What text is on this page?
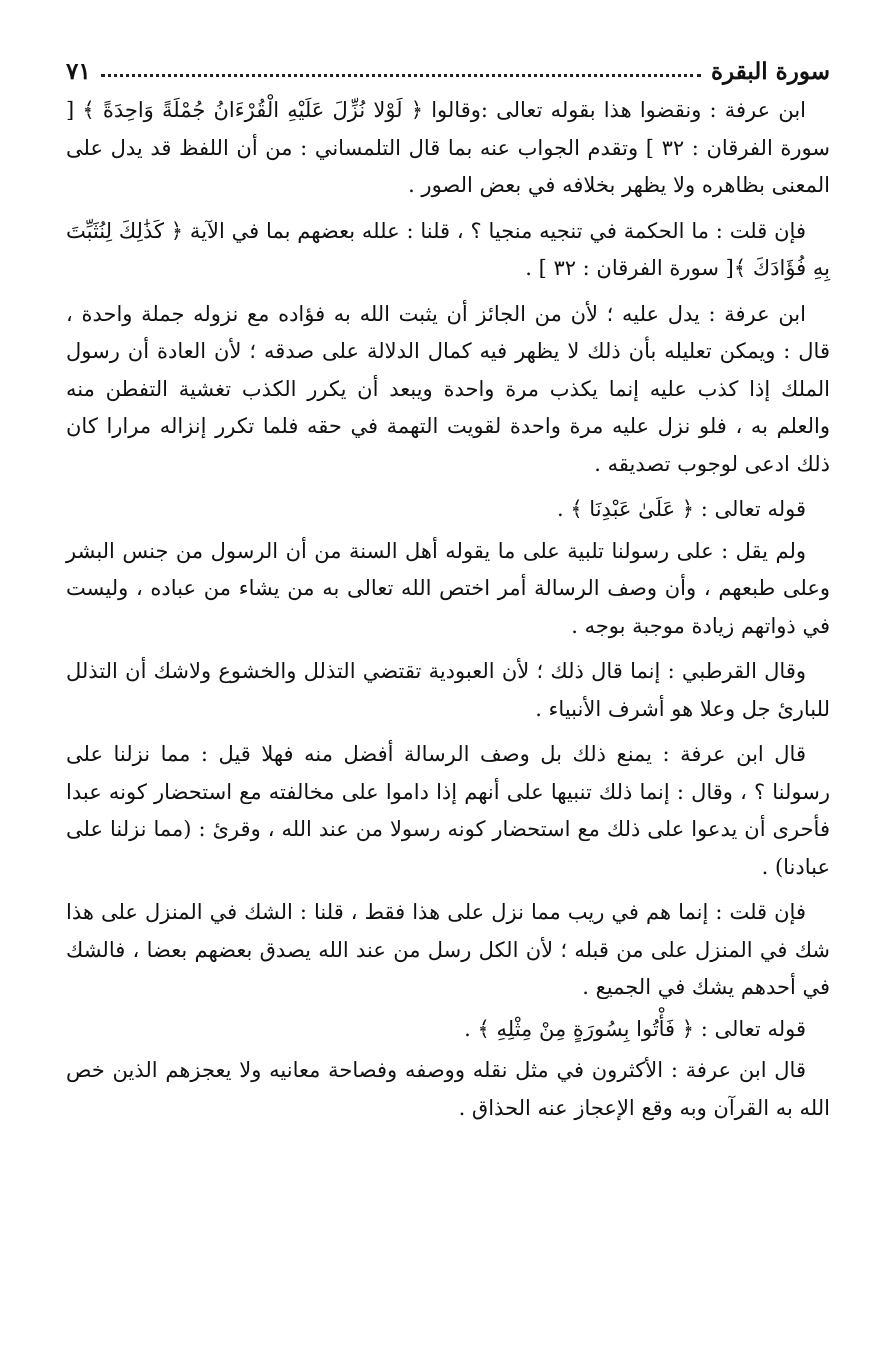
سورة البقرة
٧١

ابن عرفة : ونقضوا هذا بقوله تعالى :وقالوا ﴿ لَوْلا نُزِّلَ عَلَيْهِ الْقُرْءَانُ جُمْلَةً وَاحِدَةً ﴾ [ سورة الفرقان : ٣٢ ] وتقدم الجواب عنه بما قال التلمساني : من أن اللفظ قد يدل على المعنى بظاهره ولا يظهر بخلافه في بعض الصور .

فإن قلت : ما الحكمة في تنجيه منجيا ؟ ، قلنا : علله بعضهم بما في الآية ﴿ كَذَٰلِكَ لِنُثَبِّتَ بِهِ فُؤَادَكَ ﴾[ سورة الفرقان : ٣٢ ] .

ابن عرفة : يدل عليه ؛ لأن من الجائز أن يثبت الله به فؤاده مع نزوله جملة واحدة ، قال : ويمكن تعليله بأن ذلك لا يظهر فيه كمال الدلالة على صدقه ؛ لأن العادة أن رسول الملك إذا كذب عليه إنما يكذب مرة واحدة ويبعد أن يكرر الكذب تغشية التفطن منه والعلم به ، فلو نزل عليه مرة واحدة لقويت التهمة في حقه فلما تكرر إنزاله مرارا كان ذلك ادعى لوجوب تصديقه .

قوله تعالى : ﴿ عَلَىٰ عَبْدِنَا ﴾ .

ولم يقل : على رسولنا تلبية على ما يقوله أهل السنة من أن الرسول من جنس البشر وعلى طبعهم ، وأن وصف الرسالة أمر اختص الله تعالى به من يشاء من عباده ، وليست في ذواتهم زيادة موجبة بوجه .

وقال القرطبي : إنما قال ذلك ؛ لأن العبودية تقتضي التذلل والخشوع ولاشك أن التذلل للبارئ جل وعلا هو أشرف الأنبياء .

قال ابن عرفة : يمنع ذلك بل وصف الرسالة أفضل منه فهلا قيل : مما نزلنا على رسولنا ؟ ، وقال : إنما ذلك تنبيها على أنهم إذا داموا على مخالفته مع استحضار كونه عبدا فأحرى أن يدعوا على ذلك مع استحضار كونه رسولا من عند الله ، وقرئ : (مما نزلنا على عبادنا) .

فإن قلت : إنما هم في ريب مما نزل على هذا فقط ، قلنا : الشك في المنزل على هذا شك في المنزل على من قبله ؛ لأن الكل رسل من عند الله يصدق بعضهم بعضا ، فالشك في أحدهم يشك في الجميع .

قوله تعالى : ﴿ فَأْتُوا بِسُورَةٍ مِنْ مِثْلِهِ ﴾ .

قال ابن عرفة : الأكثرون في مثل نقله ووصفه وفصاحة معانيه ولا يعجزهم الذين خص الله به القرآن وبه وقع الإعجاز عنه الحذاق .
